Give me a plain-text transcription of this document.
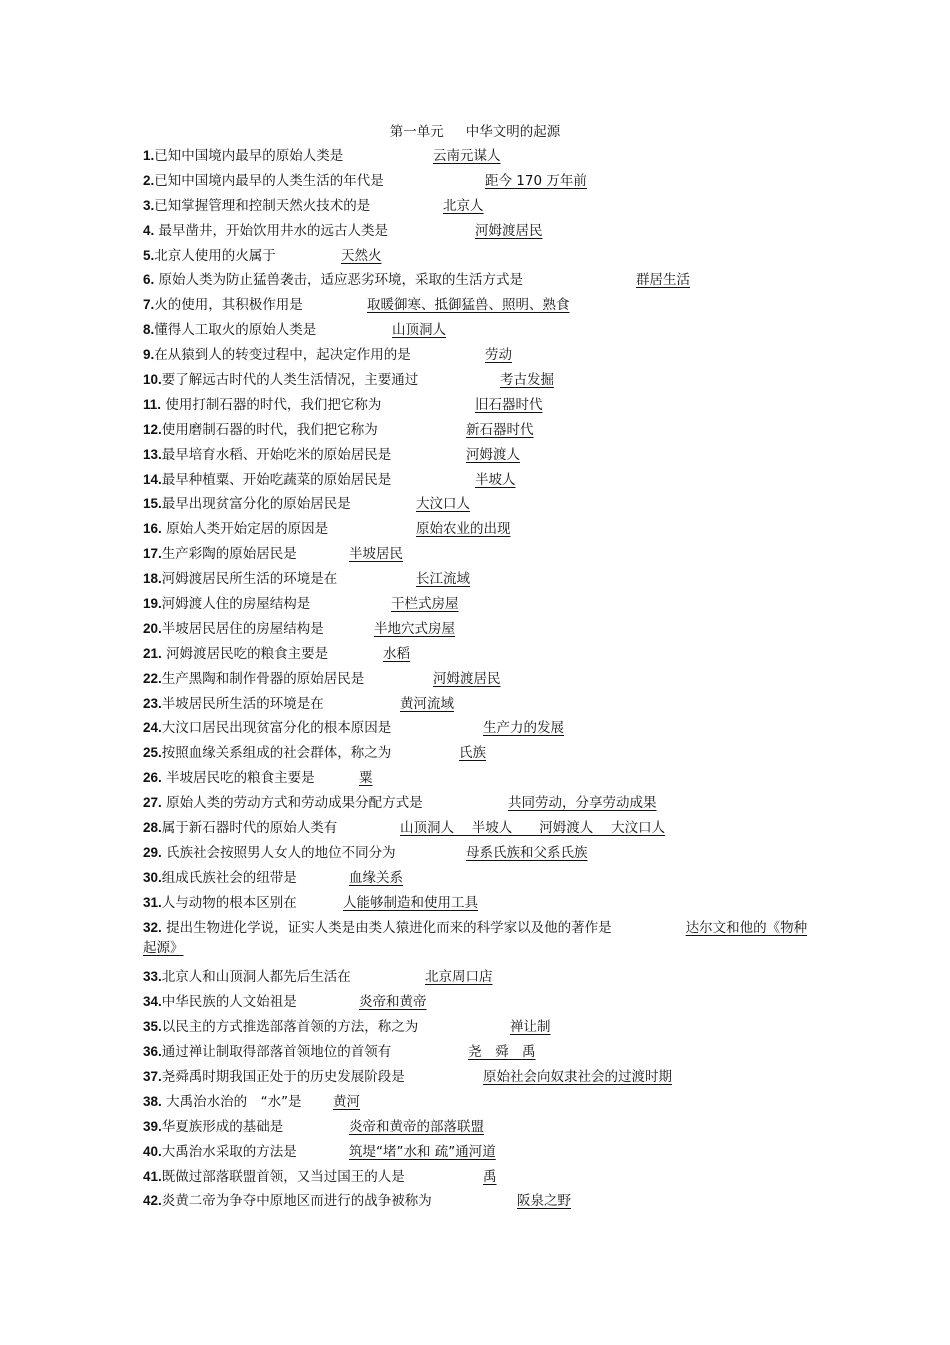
第一单元 中华文明的起源
1.已知中国境内最早的原始人类是	云南元谋人
2.已知中国境内最早的人类生活的年代是	距今 170 万年前
3.已知掌握管理和控制天然火技术的是	北京人
4. 最早凿井，开始饮用井水的远古人类是	河姆渡居民
5.北京人使用的火属于	天然火
6. 原始人类为防止猛兽袭击，适应恶劣环境，采取的生活方式是	群居生活
7.火的使用，其积极作用是	取暖御寒、抵御猛兽、照明、熟食
8.懂得人工取火的原始人类是	山顶洞人
9.在从猿到人的转变过程中，起决定作用的是	劳动
10.要了解远古时代的人类生活情况，主要通过	考古发掘
11. 使用打制石器的时代，我们把它称为	旧石器时代
12.使用磨制石器的时代，我们把它称为	新石器时代
13.最早培育水稻、开始吃米的原始居民是	河姆渡人
14.最早种植粟、开始吃蔬菜的原始居民是	半坡人
15.最早出现贫富分化的原始居民是	大汶口人
16. 原始人类开始定居的原因是	原始农业的出现
17.生产彩陶的原始居民是	半坡居民
18.河姆渡居民所生活的环境是在	长江流域
19.河姆渡人住的房屋结构是	干栏式房屋
20.半坡居民居住的房屋结构是	半地穴式房屋
21. 河姆渡居民吃的粮食主要是	水稻
22.生产黑陶和制作骨器的原始居民是	河姆渡居民
23.半坡居民所生活的环境是在	黄河流域
24.大汶口居民出现贫富分化的根本原因是	生产力的发展
25.按照血缘关系组成的社会群体，称之为	氏族
26. 半坡居民吃的粮食主要是	粟
27. 原始人类的劳动方式和劳动成果分配方式是	共同劳动，分享劳动成果
28.属于新石器时代的原始人类有	山顶洞人　 半坡人　　河姆渡人　 大汶口人
29. 氏族社会按照男人女人的地位不同分为	母系氏族和父系氏族
30.组成氏族社会的纽带是	血缘关系
31.人与动物的根本区别在	人能够制造和使用工具
32. 提出生物进化学说，证实人类是由类人猿进化而来的科学家以及他的著作是	达尔文和他的《物种起源》
33.北京人和山顶洞人都先后生活在	北京周口店
34.中华民族的人文始祖是	炎帝和黄帝
35.以民主的方式推选部落首领的方法，称之为	禅让制
36.通过禅让制取得部落首领地位的首领有	尧　舜　禹
37.尧舜禹时期我国正处于的历史发展阶段是	原始社会向奴隶社会的过渡时期
38. 大禹治水治的　“水”是 黄河
39.华夏族形成的基础是	炎帝和黄帝的部落联盟
40.大禹治水采取的方法是	筑堤“堵”水和 疏”通河道
41.既做过部落联盟首领，又当过国王的人是	禹
42.炎黄二帝为争夺中原地区而进行的战争被称为	阪泉之野
